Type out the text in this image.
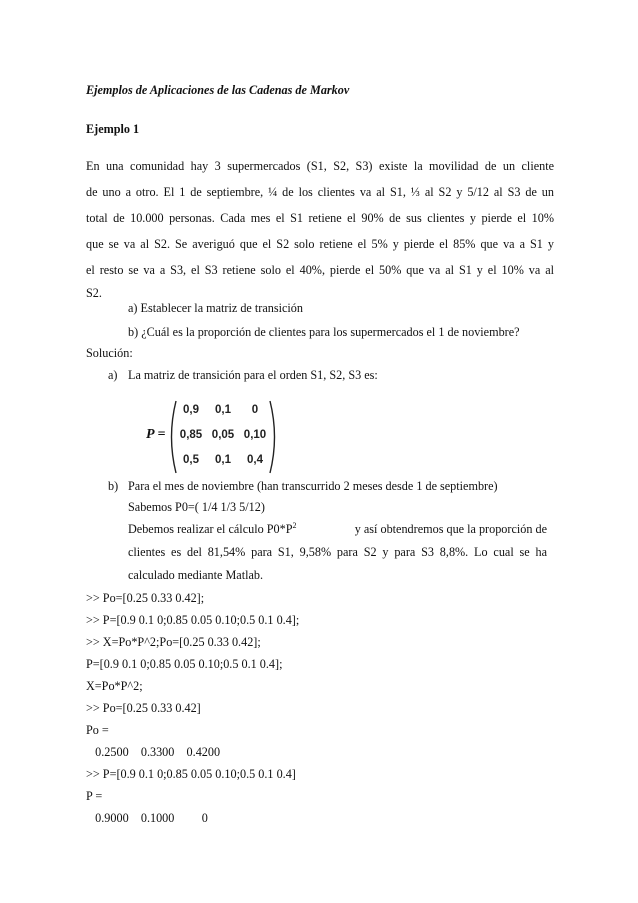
Ejemplos de Aplicaciones de las Cadenas de Markov
Ejemplo 1
En una comunidad hay 3 supermercados (S1, S2, S3) existe la movilidad de un cliente
de uno a otro. El 1 de septiembre, ¼ de los clientes va al S1, ⅓ al S2 y 5/12 al S3 de un
total de 10.000 personas. Cada mes el S1 retiene el 90% de sus clientes y pierde el 10%
que se va al S2. Se averiguó que el S2 solo retiene el 5% y pierde el 85% que va a S1 y
el resto se va a S3, el S3 retiene solo el 40%, pierde el 50% que va al S1 y el 10% va al
S2.
a) Establecer la matriz de transición
b) ¿Cuál es la proporción de clientes para los supermercados el 1 de noviembre?
Solución:
a) La matriz de transición para el orden S1, S2, S3 es:
P =
0,9	0,1	0
0,85 0,05 0,10
0,5	0,1	0,4
b) Para el mes de noviembre (han transcurrido 2 meses desde 1 de septiembre)
Sabemos P0=( 1/4 1/3 5/12)
Debemos realizar el cálculo $P0*P^2$	y así obtendremos que la proporción de
clientes es del 81,54% para S1, 9,58% para S2 y para S3 8,8%. Lo cual se ha
calculado mediante Matlab.
>> Po=[0.25 0.33 0.42];
>> P=[0.9 0.1 0;0.85 0.05 0.10;0.5 0.1 0.4];
>> X=Po*P^2;Po=[0.25 0.33 0.42];
P=[0.9 0.1 0;0.85 0.05 0.10;0.5 0.1 0.4];
X=Po*P^2;
>> Po=[0.25 0.33 0.42]
Po =
0.2500    0.3300    0.4200
>> P=[0.9 0.1 0;0.85 0.05 0.10;0.5 0.1 0.4]
P =
0.9000    0.1000         0
